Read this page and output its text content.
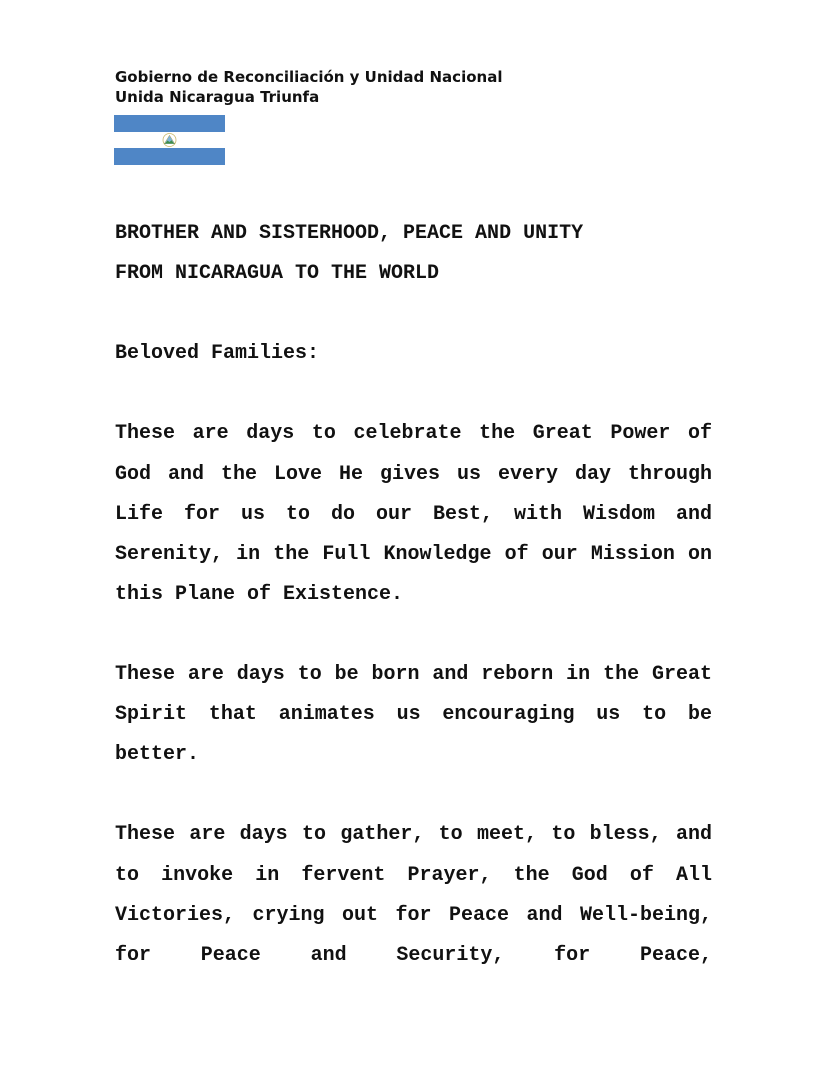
Gobierno de Reconciliación y Unidad Nacional
Unida Nicaragua Triunfa

BROTHER AND SISTERHOOD, PEACE AND UNITY
FROM NICARAGUA TO THE WORLD

Beloved Families:

These are days to celebrate the Great Power of God and the Love He gives us every day through Life for us to do our Best, with Wisdom and Serenity, in the Full Knowledge of our Mission on this Plane of Existence.

These are days to be born and reborn in the Great Spirit that animates us encouraging us to be better.

These are days to gather, to meet, to bless, and to invoke in fervent Prayer, the God of All Victories, crying out for Peace and Well-being, for Peace and Security, for Peace,
